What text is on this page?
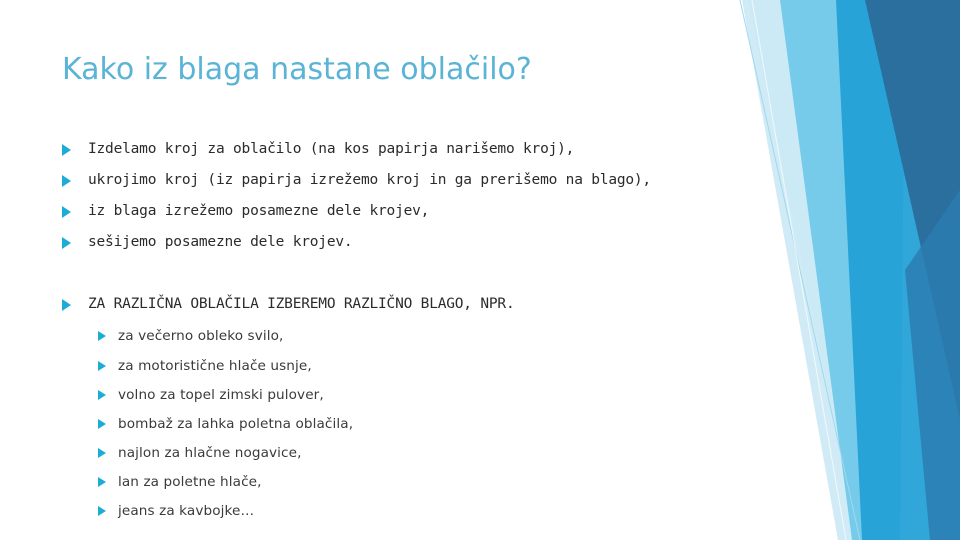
Kako iz blaga nastane oblačilo?
Izdelamo kroj za oblačilo (na kos papirja narišemo kroj),
ukrojimo kroj (iz papirja izrežemo kroj in ga prerišemo na blago),
iz blaga izrežemo posamezne dele krojev,
sešijemo posamezne dele krojev.
ZA RAZLIČNA OBLAČILA IZBEREMO RAZLIČNO BLAGO, NPR.
za večerno obleko svilo,
za motoristične hlače usnje,
volno za topel zimski pulover,
bombaž za lahka poletna oblačila,
najlon za hlačne nogavice,
lan za poletne hlače,
jeans za kavbojke…
